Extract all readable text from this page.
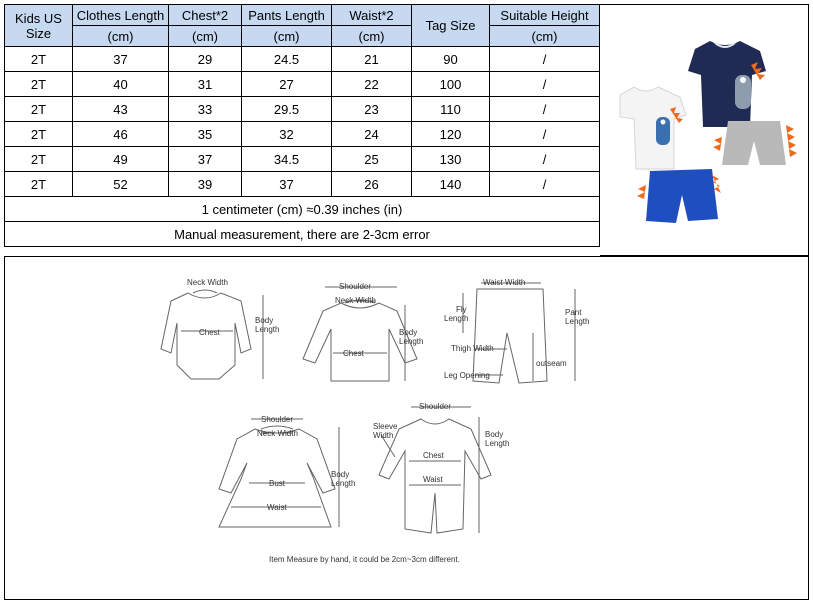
Kids US
Size	Clothes Length	Chest*2	Pants Length	Waist*2	Tag Size	Suitable Height
	(cm)	(cm)	(cm)	(cm)		(cm)
2T	37	29	24.5	21	90	/
2T	40	31	27	22	100	/
2T	43	33	29.5	23	110	/
2T	46	35	32	24	120	/
2T	49	37	34.5	25	130	/
2T	52	39	37	26	140	/
1 centimeter (cm) ≈0.39 inches (in)						
Manual measurement, there are 2-3cm error						
Neck Width
Chest
Body
Length
Shoulder
Neck Width
Chest
Body
Length
Waist Width
Fly
Length
Pant
Length
Thigh Width
outseam
Leg Opening
Shoulder
Neck Width
Bust
Waist
Body
Length
Shoulder
Sleeve
Width
Chest
Waist
Body
Length
Item Measure by hand, it could be 2cm~3cm different.
